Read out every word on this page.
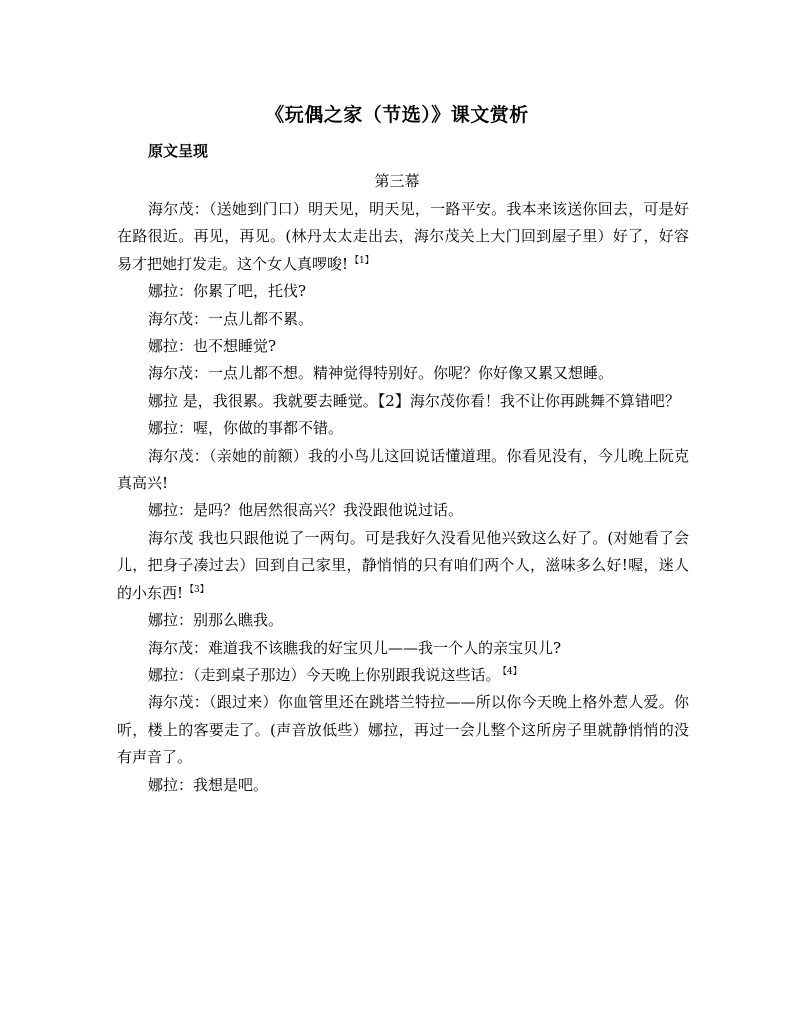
《玩偶之家（节选）》课文赏析
原文呈现
第三幕

海尔茂：（送她到门口）明天见，明天见，一路平安。我本来该送你回去，可是好在路很近。再见，再见。(林丹太太走出去，海尔茂关上大门回到屋子里）好了，好容易才把她打发走。这个女人真啰唆! $^{【1】}$

娜拉：你累了吧，托伐?

海尔茂：一点儿都不累。

娜拉：也不想睡觉?

海尔茂：一点儿都不想。精神觉得特别好。你呢？你好像又累又想睡。

娜拉 是，我很累。我就要去睡觉。【2】海尔茂你看！我不让你再跳舞不算错吧？

娜拉：喔，你做的事都不错。

海尔茂：（亲她的前额）我的小鸟儿这回说话懂道理。你看见没有，今儿晚上阮克真高兴!

娜拉：是吗？他居然很高兴？我没跟他说过话。

海尔茂 我也只跟他说了一两句。可是我好久没看见他兴致这么好了。(对她看了会儿，把身子凑过去）回到自己家里，静悄悄的只有咱们两个人，滋味多么好!喔，迷人的小东西! $^{【3】}$

娜拉：别那么瞧我。

海尔茂：难道我不该瞧我的好宝贝儿——我一个人的亲宝贝儿?

娜拉：（走到桌子那边）今天晚上你别跟我说这些话。 $^{【4】}$

海尔茂：（跟过来）你血管里还在跳塔兰特拉——所以你今天晚上格外惹人爱。你听，楼上的客要走了。(声音放低些）娜拉，再过一会儿整个这所房子里就静悄悄的没有声音了。

娜拉：我想是吧。
